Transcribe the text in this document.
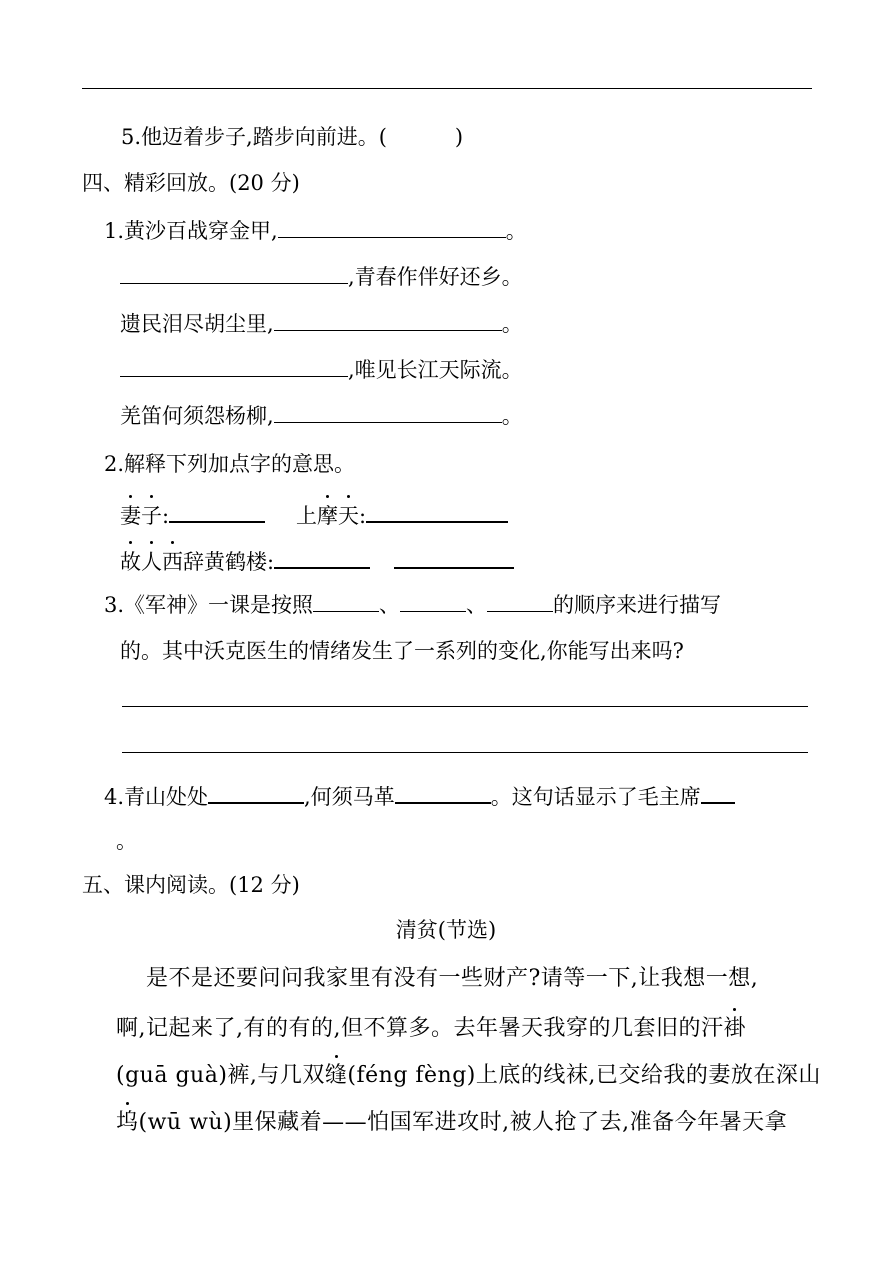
5.他迈着步子,踏步向前进。(	)
四、精彩回放。(20 分)
1.黄沙百战穿金甲,	。
,青春作伴好还乡。
遗民泪尽胡尘里,	。
,唯见长江天际流。
羌笛何须怨杨柳,	。
2.解释下列加点字的意思。
妻子:	上摩天:
故人西辞黄鹤楼:
3.《军神》一课是按照	、	、	的顺序来进行描写
的。其中沃克医生的情绪发生了一系列的变化,你能写出来吗?
4.青山处处	,何须马革	。这句话显示了毛主席
。
五、课内阅读。(12 分)
清贫(节选)
是不是还要问问我家里有没有一些财产?请等一下,让我想一想,
啊,记起来了,有的有的,但不算多。去年暑天我穿的几套旧的汗褂
(guā guà)裤,与几双缝(féng fèng)上底的线袜,已交给我的妻放在深山
坞(wū wù)里保藏着——怕国军进攻时,被人抢了去,准备今年暑天拿
